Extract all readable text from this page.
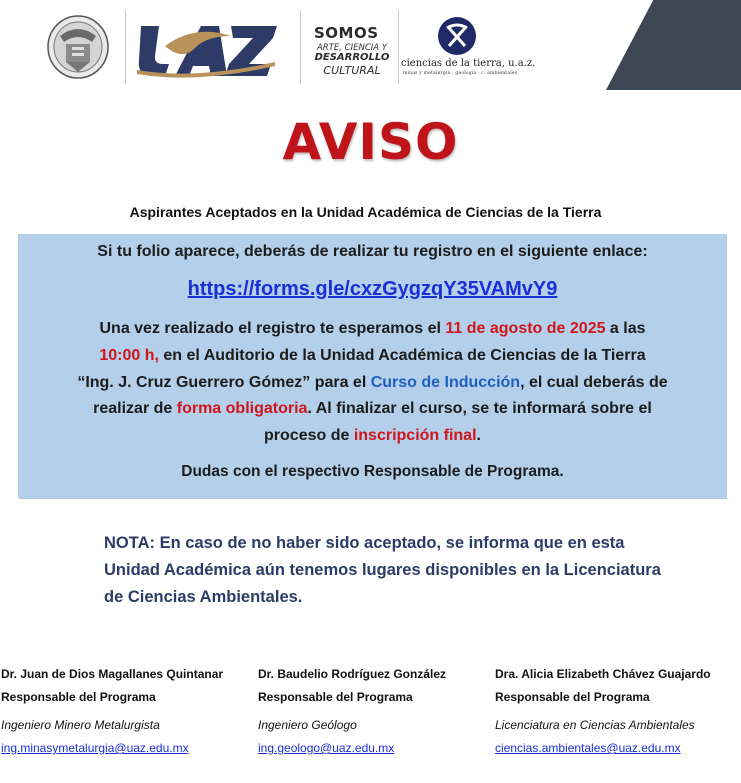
SOMOS
ARTE, CIENCIA Y
DESARROLLO
CULTURAL
ciencias de la tierra, u.a.z.
minas y metalurgia · geología · c. ambientales
AVISO
Aspirantes Aceptados en la Unidad Académica de Ciencias de la Tierra

Si tu folio aparece, deberás de realizar tu registro en el siguiente enlace:

https://forms.gle/cxzGygzqY35VAMvY9

Una vez realizado el registro te esperamos el 11 de agosto de 2025 a las

10:00 h, en el Auditorio de la Unidad Académica de Ciencias de la Tierra

“Ing. J. Cruz Guerrero Gómez” para el Curso de Inducción, el cual deberás de

realizar de forma obligatoria. Al finalizar el curso, se te informará sobre el

proceso de inscripción final.

Dudas con el respectivo Responsable de Programa.

NOTA: En caso de no haber sido aceptado, se informa que en esta Unidad Académica aún tenemos lugares disponibles en la Licenciatura de Ciencias Ambientales.
Dr. Juan de Dios Magallanes Quintanar
Responsable del Programa
Ingeniero Minero Metalurgista
ing.minasymetalurgia@uaz.edu.mx
Dr. Baudelio Rodríguez González
Responsable del Programa
Ingeniero Geólogo
ing.geologo@uaz.edu.mx
Dra. Alicia Elizabeth Chávez Guajardo
Responsable del Programa
Licenciatura en Ciencias Ambientales
ciencias.ambientales@uaz.edu.mx
